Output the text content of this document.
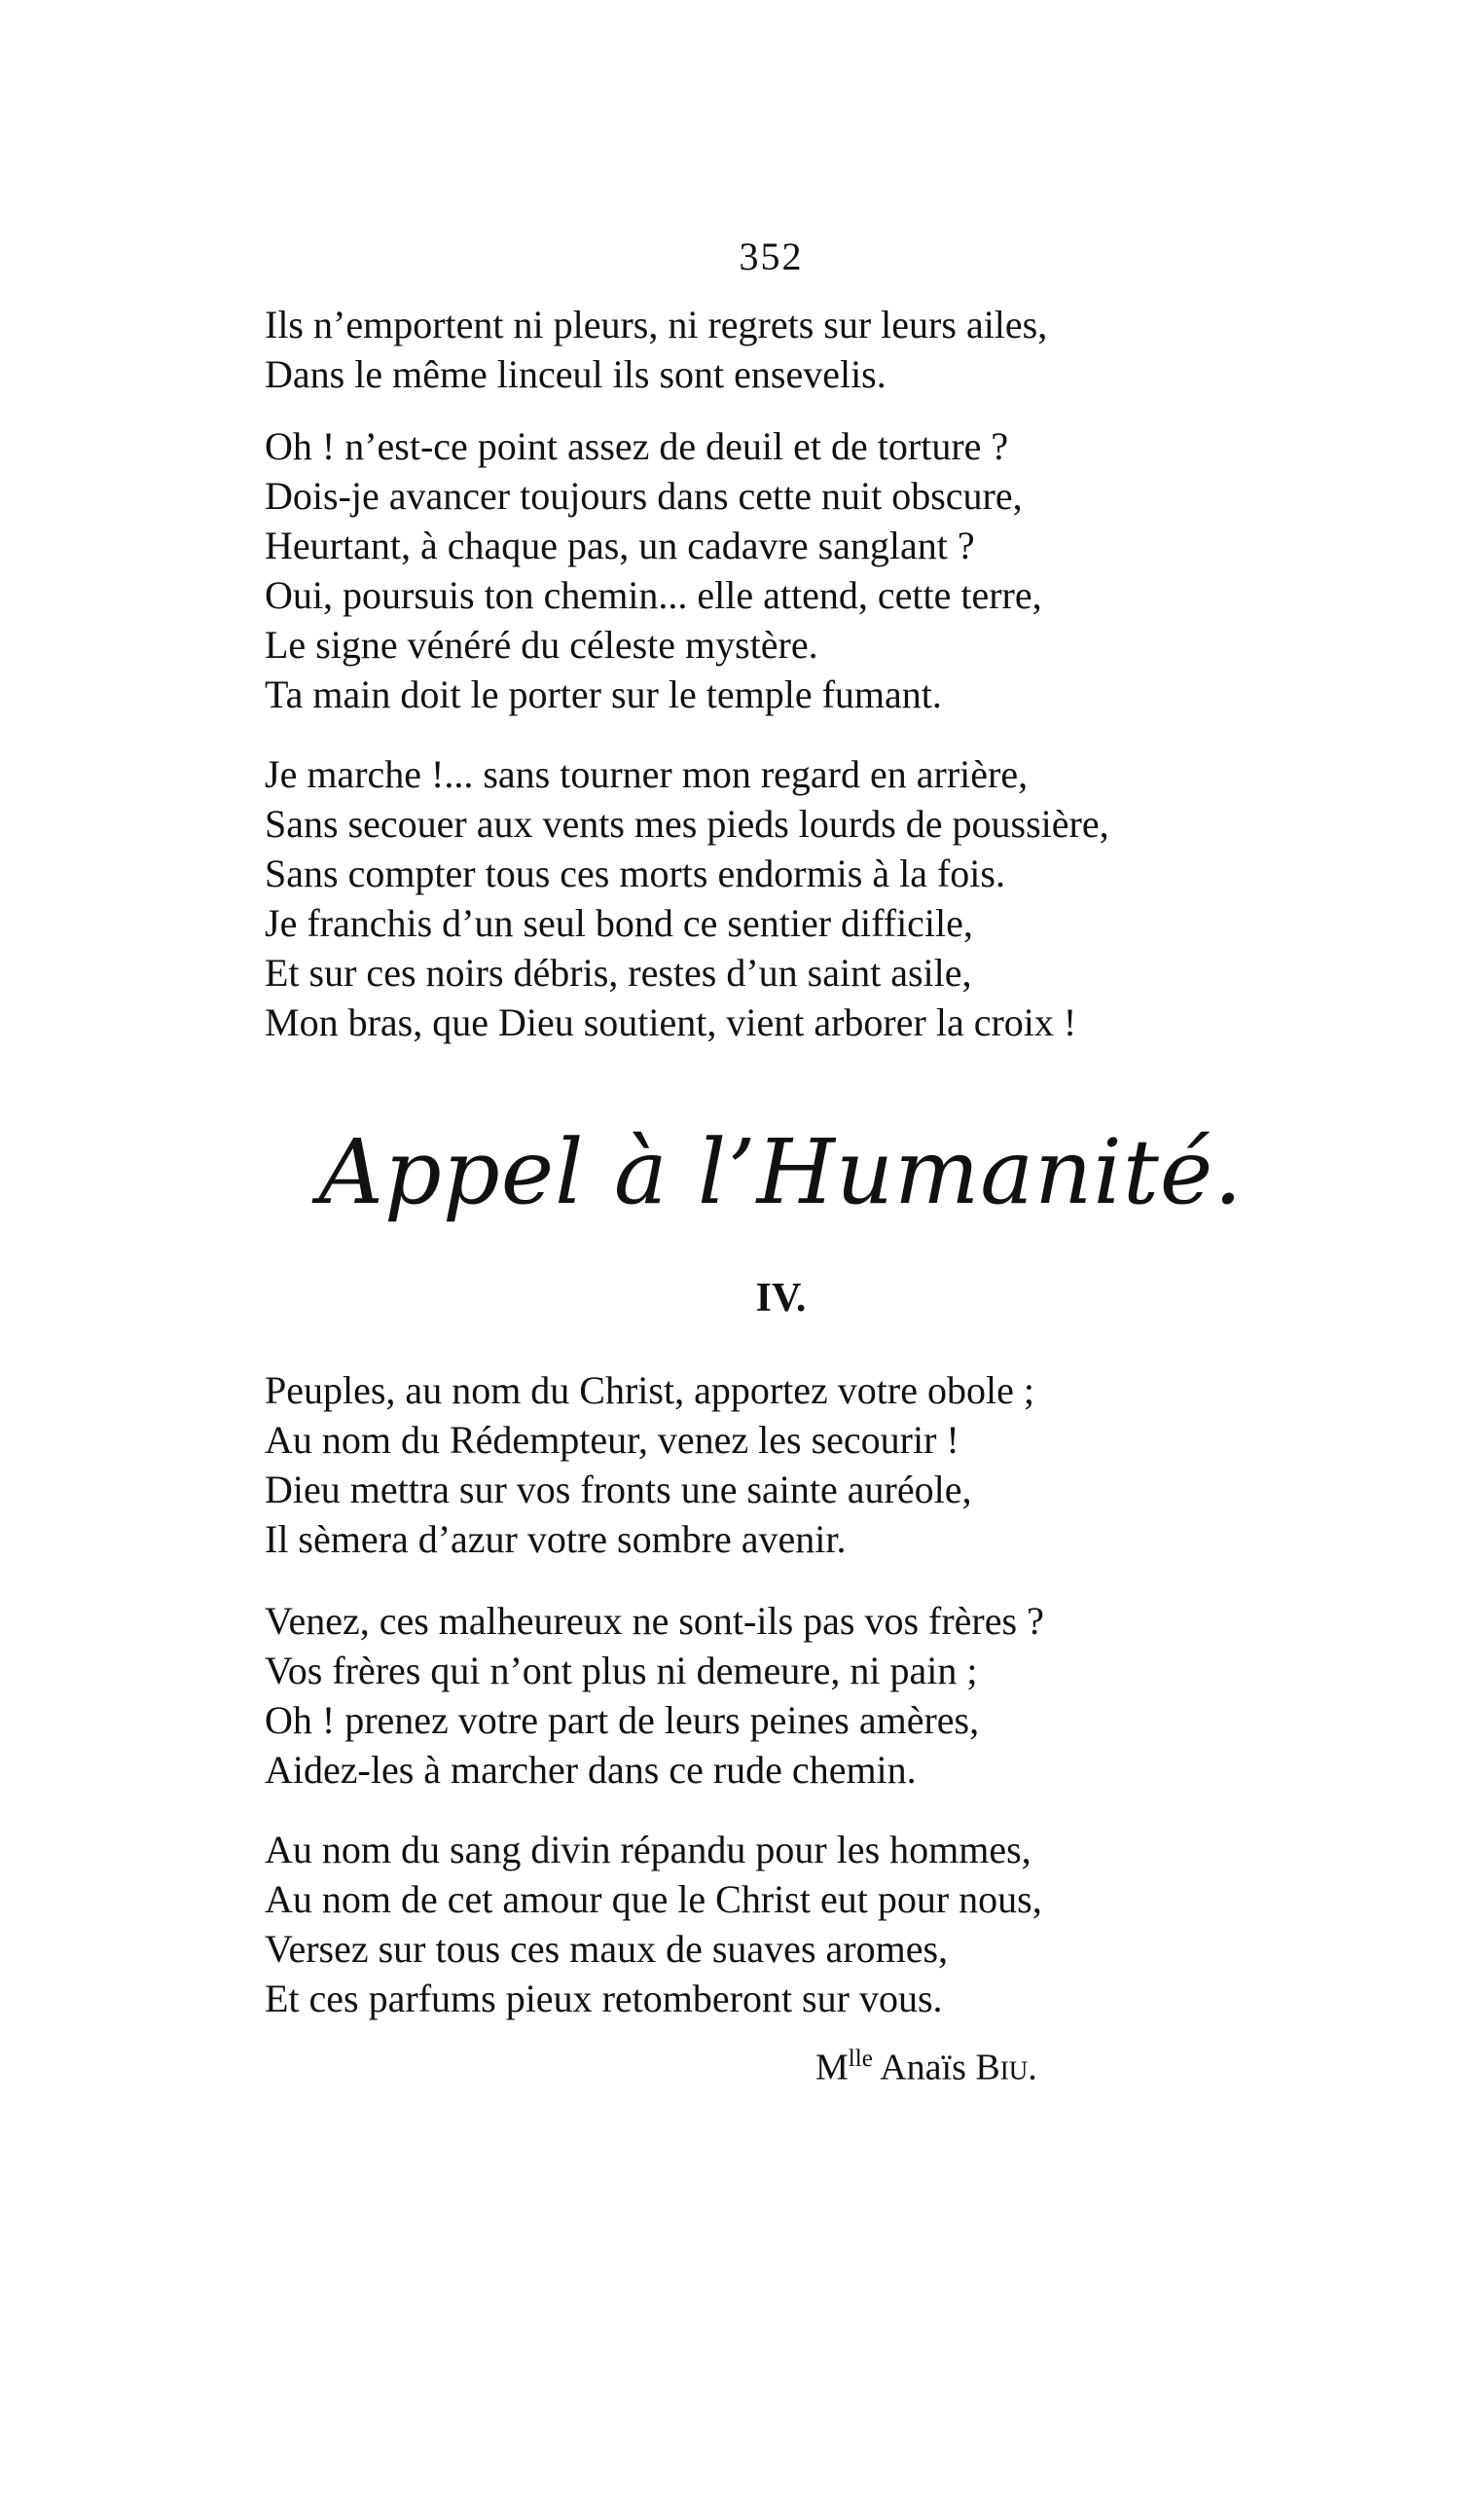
352
Ils n’emportent ni pleurs, ni regrets sur leurs ailes,
Dans le même linceul ils sont ensevelis.
Oh ! n’est-ce point assez de deuil et de torture ?
Dois-je avancer toujours dans cette nuit obscure,
Heurtant, à chaque pas, un cadavre sanglant ?
Oui, poursuis ton chemin... elle attend, cette terre,
Le signe vénéré du céleste mystère.
Ta main doit le porter sur le temple fumant.
Je marche !... sans tourner mon regard en arrière,
Sans secouer aux vents mes pieds lourds de poussière,
Sans compter tous ces morts endormis à la fois.
Je franchis d’un seul bond ce sentier difficile,
Et sur ces noirs débris, restes d’un saint asile,
Mon bras, que Dieu soutient, vient arborer la croix !
Appel à l’Humanité.
IV.
Peuples, au nom du Christ, apportez votre obole ;
Au nom du Rédempteur, venez les secourir !
Dieu mettra sur vos fronts une sainte auréole,
Il sèmera d’azur votre sombre avenir.
Venez, ces malheureux ne sont-ils pas vos frères ?
Vos frères qui n’ont plus ni demeure, ni pain ;
Oh ! prenez votre part de leurs peines amères,
Aidez-les à marcher dans ce rude chemin.
Au nom du sang divin répandu pour les hommes,
Au nom de cet amour que le Christ eut pour nous,
Versez sur tous ces maux de suaves aromes,
Et ces parfums pieux retomberont sur vous.
$M^{lle}$ Anaïs Biu.
